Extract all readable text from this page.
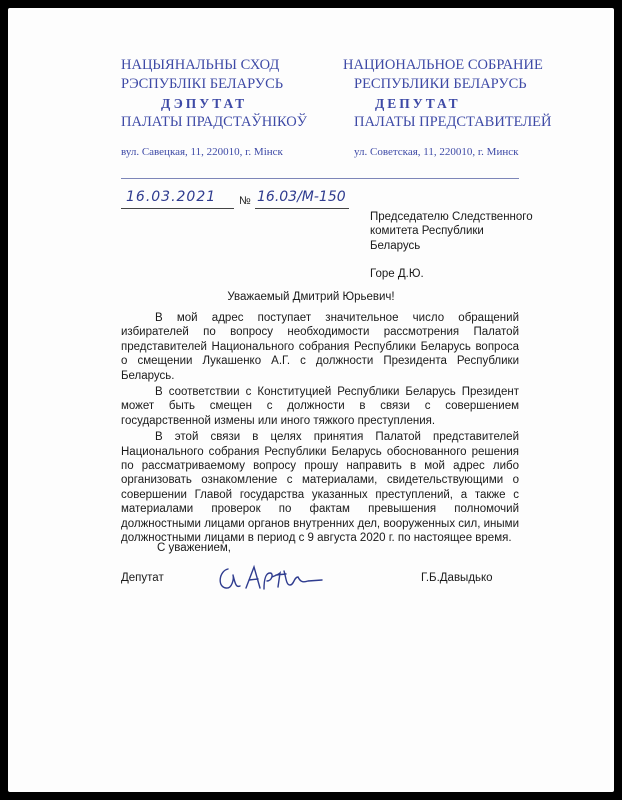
НАЦЫЯНАЛЬНЫ СХОД
РЭСПУБЛІКІ БЕЛАРУСЬ
ДЭПУТАТ
ПАЛАТЫ ПРАДСТАЎНІКОЎ
вул. Савецкая, 11, 220010, г. Мінск
НАЦИОНАЛЬНОЕ СОБРАНИЕ
РЕСПУБЛИКИ БЕЛАРУСЬ
ДЕПУТАТ
ПАЛАТЫ ПРЕДСТАВИТЕЛЕЙ
ул. Советская, 11, 220010, г. Минск
16.03.2021 № 16.03/М-150
Председателю Следственного
комитета Республики
Беларусь
Горе Д.Ю.
Уважаемый Дмитрий Юрьевич!

В мой адрес поступает значительное число обращений избирателей по вопросу необходимости рассмотрения Палатой представителей Национального собрания Республики Беларусь вопроса о смещении Лукашенко А.Г. с должности Президента Республики Беларусь.

В соответствии с Конституцией Республики Беларусь Президент может быть смещен с должности в связи с совершением государственной измены или иного тяжкого преступления.

В этой связи в целях принятия Палатой представителей Национального собрания Республики Беларусь обоснованного решения по рассматриваемому вопросу прошу направить в мой адрес либо организовать ознакомление с материалами, свидетельствующими о совершении Главой государства указанных преступлений, а также с материалами проверок по фактам превышения полномочий должностными лицами органов внутренних дел, вооруженных сил, иными должностными лицами в период с 9 августа 2020 г. по настоящее время.

С уважением,
Депутат	Г.Б.Давыдько
